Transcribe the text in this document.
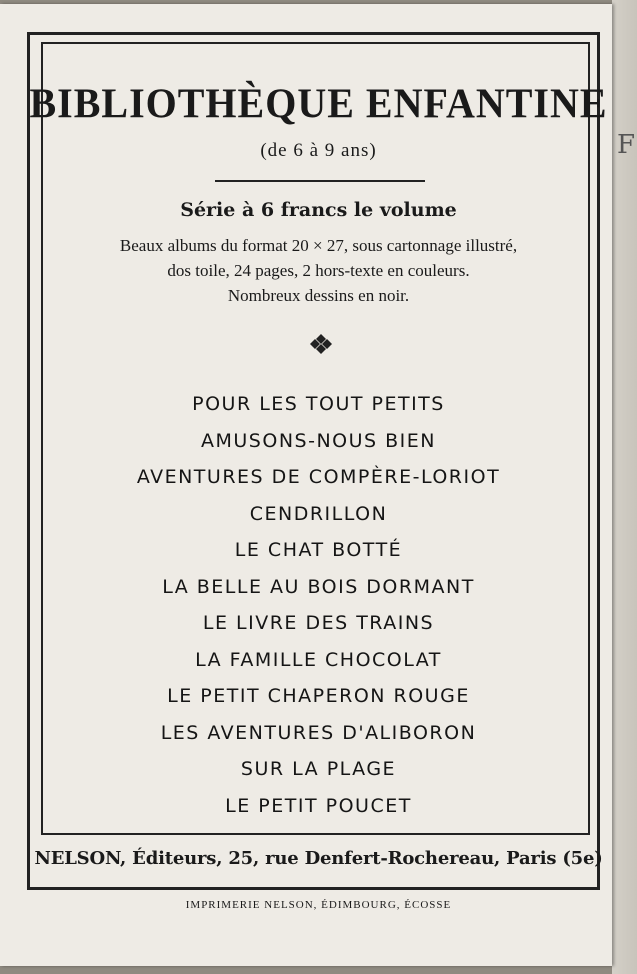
F
BIBLIOTHÈQUE ENFANTINE
(de 6 à 9 ans)
Série à 6 francs le volume
Beaux albums du format 20 × 27, sous cartonnage illustré,
dos toile, 24 pages, 2 hors-texte en couleurs.
Nombreux dessins en noir.
POUR LES TOUT PETITS
AMUSONS-NOUS BIEN
AVENTURES DE COMPÈRE-LORIOT
CENDRILLON
LE CHAT BOTTÉ
LA BELLE AU BOIS DORMANT
LE LIVRE DES TRAINS
LA FAMILLE CHOCOLAT
LE PETIT CHAPERON ROUGE
LES AVENTURES D'ALIBORON
SUR LA PLAGE
LE PETIT POUCET
NELSON, Éditeurs, 25, rue Denfert-Rochereau, Paris (5e)
IMPRIMERIE NELSON, ÉDIMBOURG, ÉCOSSE
